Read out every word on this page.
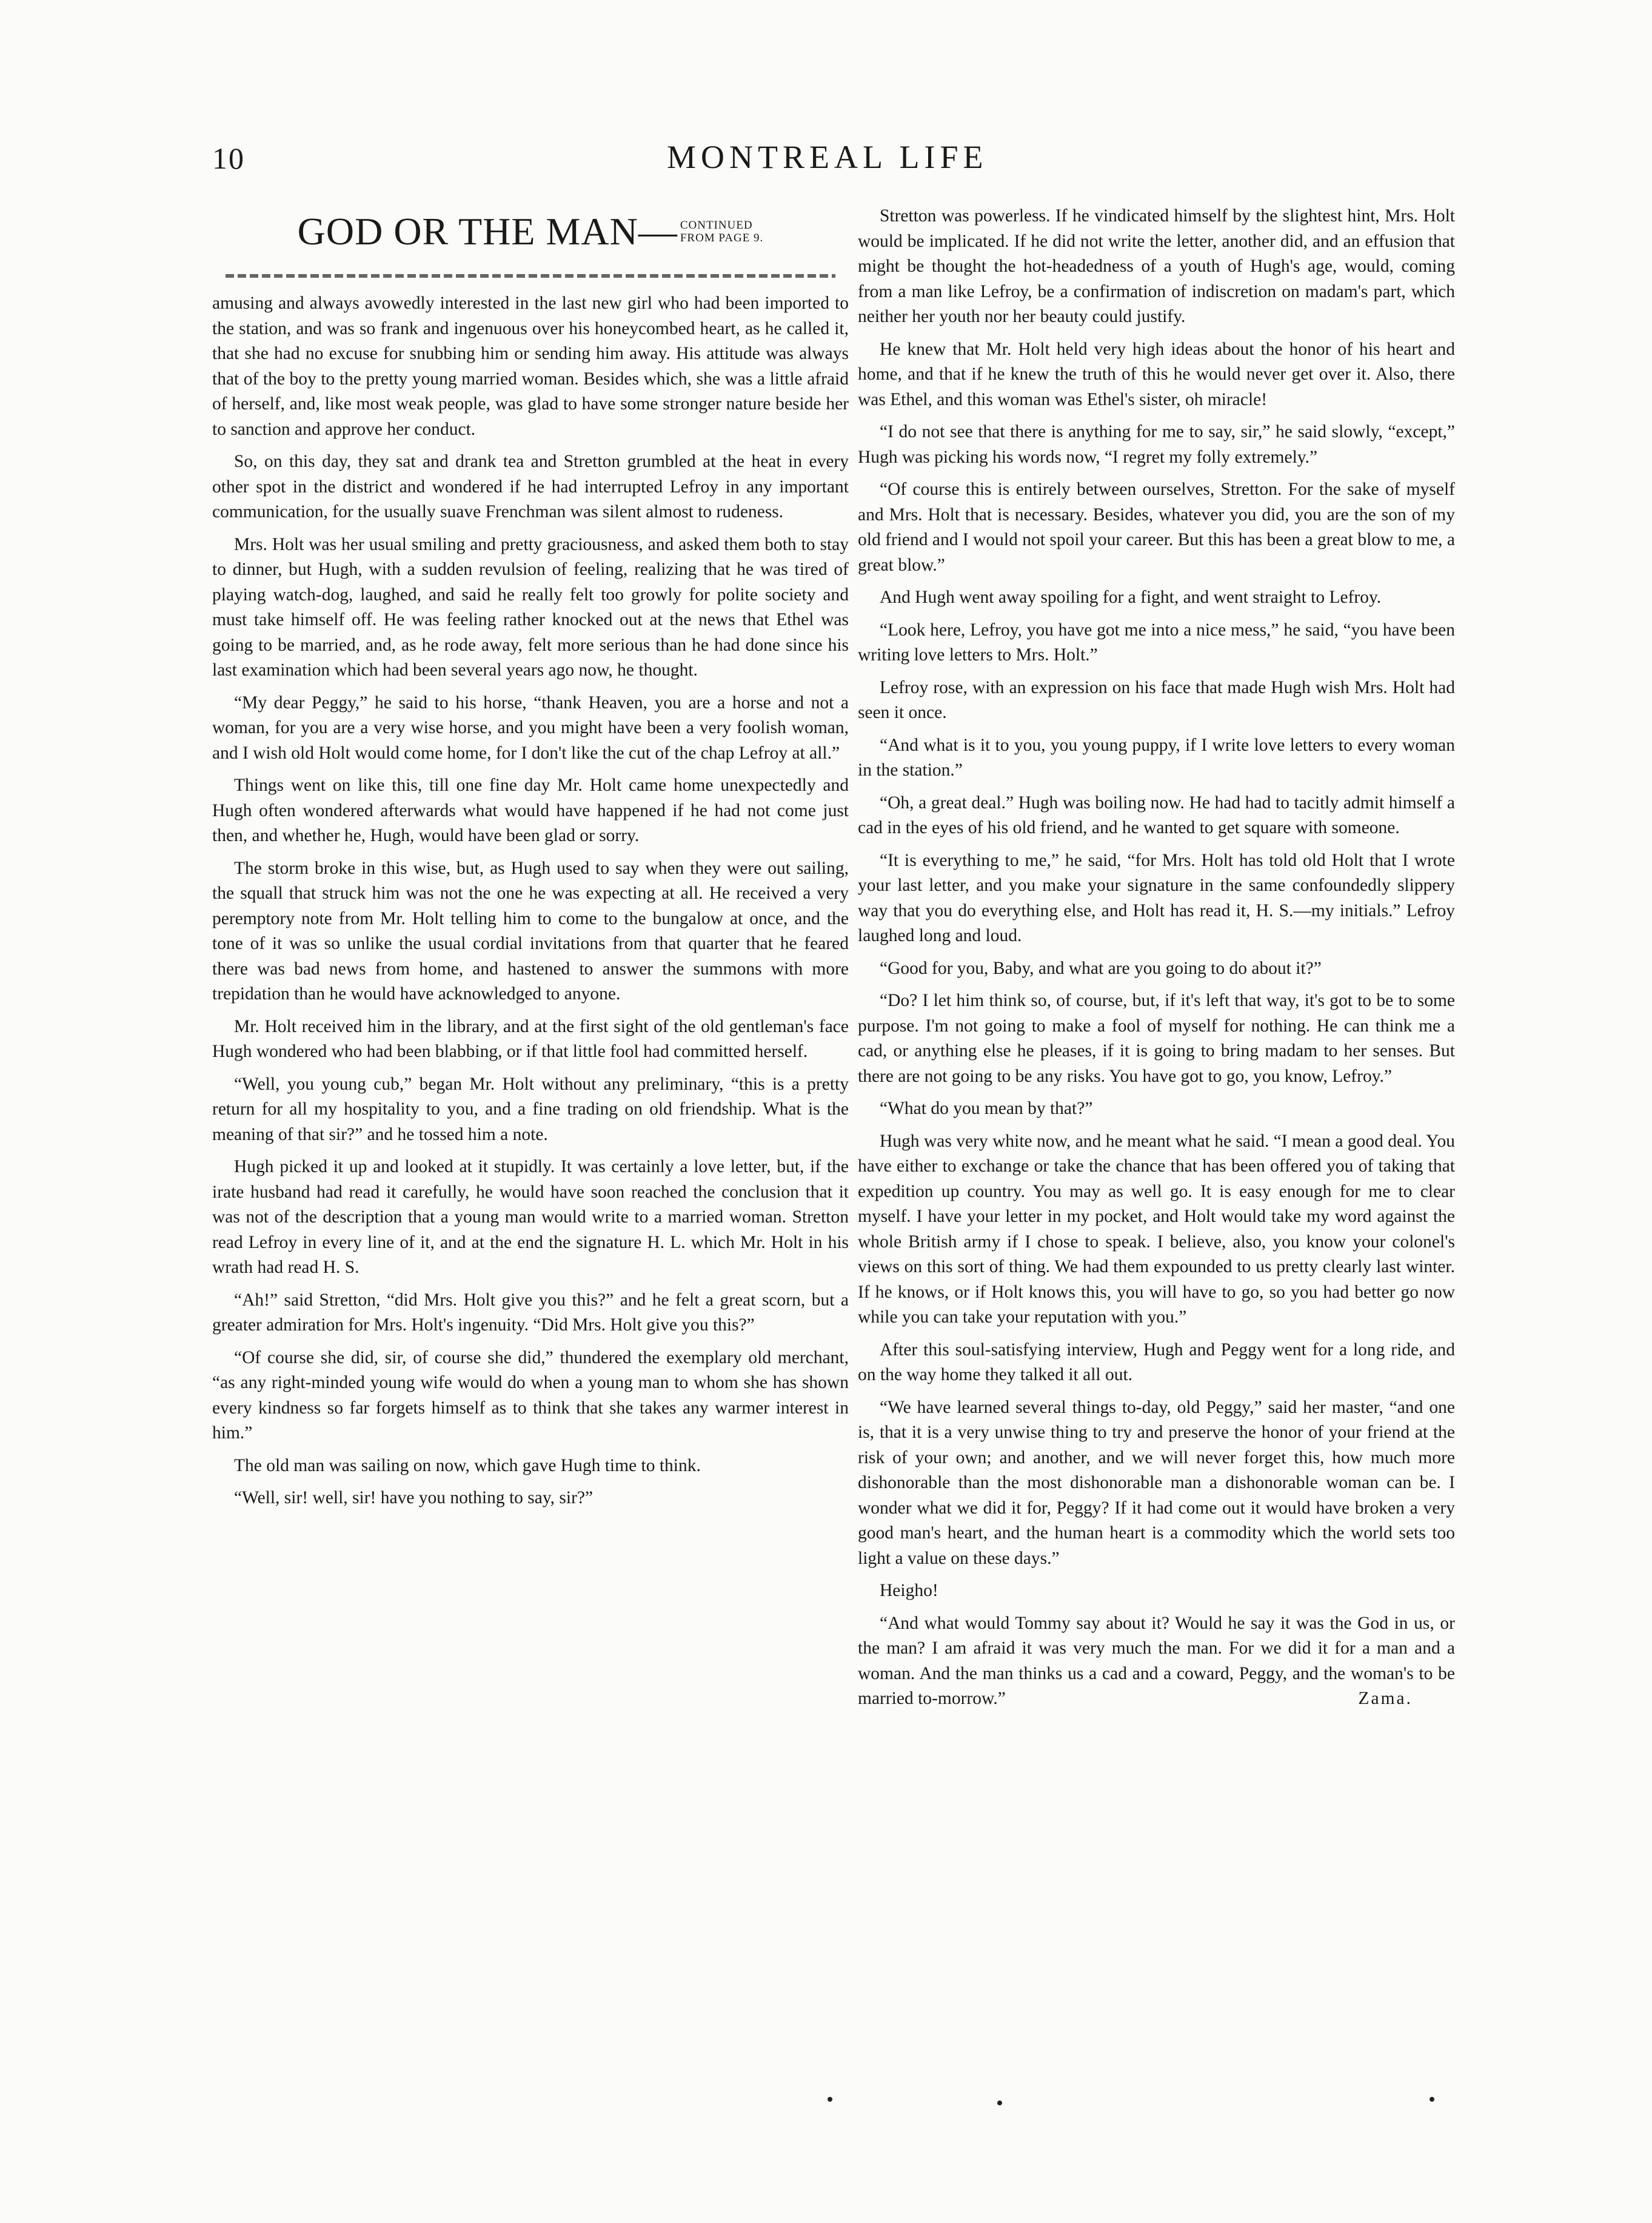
10	MONTREAL LIFE
GOD OR THE MAN— CONTINUED
FROM PAGE 9.

amusing and always avowedly interested in the last new girl who had been imported to the station, and was so frank and ingenuous over his honeycombed heart, as he called it, that she had no excuse for snubbing him or sending him away. His attitude was always that of the boy to the pretty young married woman. Besides which, she was a little afraid of herself, and, like most weak people, was glad to have some stronger nature beside her to sanction and approve her conduct.

So, on this day, they sat and drank tea and Stretton grumbled at the heat in every other spot in the district and wondered if he had interrupted Lefroy in any important communication, for the usually suave Frenchman was silent almost to rudeness.

Mrs. Holt was her usual smiling and pretty graciousness, and asked them both to stay to dinner, but Hugh, with a sudden revulsion of feeling, realizing that he was tired of playing watch-dog, laughed, and said he really felt too growly for polite society and must take himself off. He was feeling rather knocked out at the news that Ethel was going to be married, and, as he rode away, felt more serious than he had done since his last examination which had been several years ago now, he thought.

“My dear Peggy,” he said to his horse, “thank Heaven, you are a horse and not a woman, for you are a very wise horse, and you might have been a very foolish woman, and I wish old Holt would come home, for I don't like the cut of the chap Lefroy at all.”

Things went on like this, till one fine day Mr. Holt came home unexpectedly and Hugh often wondered afterwards what would have happened if he had not come just then, and whether he, Hugh, would have been glad or sorry.

The storm broke in this wise, but, as Hugh used to say when they were out sailing, the squall that struck him was not the one he was expecting at all. He received a very peremptory note from Mr. Holt telling him to come to the bungalow at once, and the tone of it was so unlike the usual cordial invitations from that quarter that he feared there was bad news from home, and hastened to answer the summons with more trepidation than he would have acknowledged to anyone.

Mr. Holt received him in the library, and at the first sight of the old gentleman's face Hugh wondered who had been blabbing, or if that little fool had committed herself.

“Well, you young cub,” began Mr. Holt without any preliminary, “this is a pretty return for all my hospitality to you, and a fine trading on old friendship. What is the meaning of that sir?” and he tossed him a note.

Hugh picked it up and looked at it stupidly. It was certainly a love letter, but, if the irate husband had read it carefully, he would have soon reached the conclusion that it was not of the description that a young man would write to a married woman. Stretton read Lefroy in every line of it, and at the end the signature H. L. which Mr. Holt in his wrath had read H. S.

“Ah!” said Stretton, “did Mrs. Holt give you this?” and he felt a great scorn, but a greater admiration for Mrs. Holt's ingenuity. “Did Mrs. Holt give you this?”

“Of course she did, sir, of course she did,” thundered the exemplary old merchant, “as any right-minded young wife would do when a young man to whom she has shown every kindness so far forgets himself as to think that she takes any warmer interest in him.”

The old man was sailing on now, which gave Hugh time to think.

“Well, sir! well, sir! have you nothing to say, sir?”

Stretton was powerless. If he vindicated himself by the slightest hint, Mrs. Holt would be implicated. If he did not write the letter, another did, and an effusion that might be thought the hot-headedness of a youth of Hugh's age, would, coming from a man like Lefroy, be a confirmation of indiscretion on madam's part, which neither her youth nor her beauty could justify.

He knew that Mr. Holt held very high ideas about the honor of his heart and home, and that if he knew the truth of this he would never get over it. Also, there was Ethel, and this woman was Ethel's sister, oh miracle!

“I do not see that there is anything for me to say, sir,” he said slowly, “except,” Hugh was picking his words now, “I regret my folly extremely.”

“Of course this is entirely between ourselves, Stretton. For the sake of myself and Mrs. Holt that is necessary. Besides, whatever you did, you are the son of my old friend and I would not spoil your career. But this has been a great blow to me, a great blow.”

And Hugh went away spoiling for a fight, and went straight to Lefroy.

“Look here, Lefroy, you have got me into a nice mess,” he said, “you have been writing love letters to Mrs. Holt.”

Lefroy rose, with an expression on his face that made Hugh wish Mrs. Holt had seen it once.

“And what is it to you, you young puppy, if I write love letters to every woman in the station.”

“Oh, a great deal.” Hugh was boiling now. He had had to tacitly admit himself a cad in the eyes of his old friend, and he wanted to get square with someone.

“It is everything to me,” he said, “for Mrs. Holt has told old Holt that I wrote your last letter, and you make your signature in the same confoundedly slippery way that you do everything else, and Holt has read it, H. S.—my initials.” Lefroy laughed long and loud.

“Good for you, Baby, and what are you going to do about it?”

“Do? I let him think so, of course, but, if it's left that way, it's got to be to some purpose. I'm not going to make a fool of myself for nothing. He can think me a cad, or anything else he pleases, if it is going to bring madam to her senses. But there are not going to be any risks. You have got to go, you know, Lefroy.”

“What do you mean by that?”

Hugh was very white now, and he meant what he said. “I mean a good deal. You have either to exchange or take the chance that has been offered you of taking that expedition up country. You may as well go. It is easy enough for me to clear myself. I have your letter in my pocket, and Holt would take my word against the whole British army if I chose to speak. I believe, also, you know your colonel's views on this sort of thing. We had them expounded to us pretty clearly last winter. If he knows, or if Holt knows this, you will have to go, so you had better go now while you can take your reputation with you.”

After this soul-satisfying interview, Hugh and Peggy went for a long ride, and on the way home they talked it all out.

“We have learned several things to-day, old Peggy,” said her master, “and one is, that it is a very unwise thing to try and preserve the honor of your friend at the risk of your own; and another, and we will never forget this, how much more dishonorable than the most dishonorable man a dishonorable woman can be. I wonder what we did it for, Peggy? If it had come out it would have broken a very good man's heart, and the human heart is a commodity which the world sets too light a value on these days.”

Heigho!

“And what would Tommy say about it? Would he say it was the God in us, or the man? I am afraid it was very much the man. For we did it for a man and a woman. And the man thinks us a cad and a coward, Peggy, and the woman's to be married to-morrow.”	Zama.
